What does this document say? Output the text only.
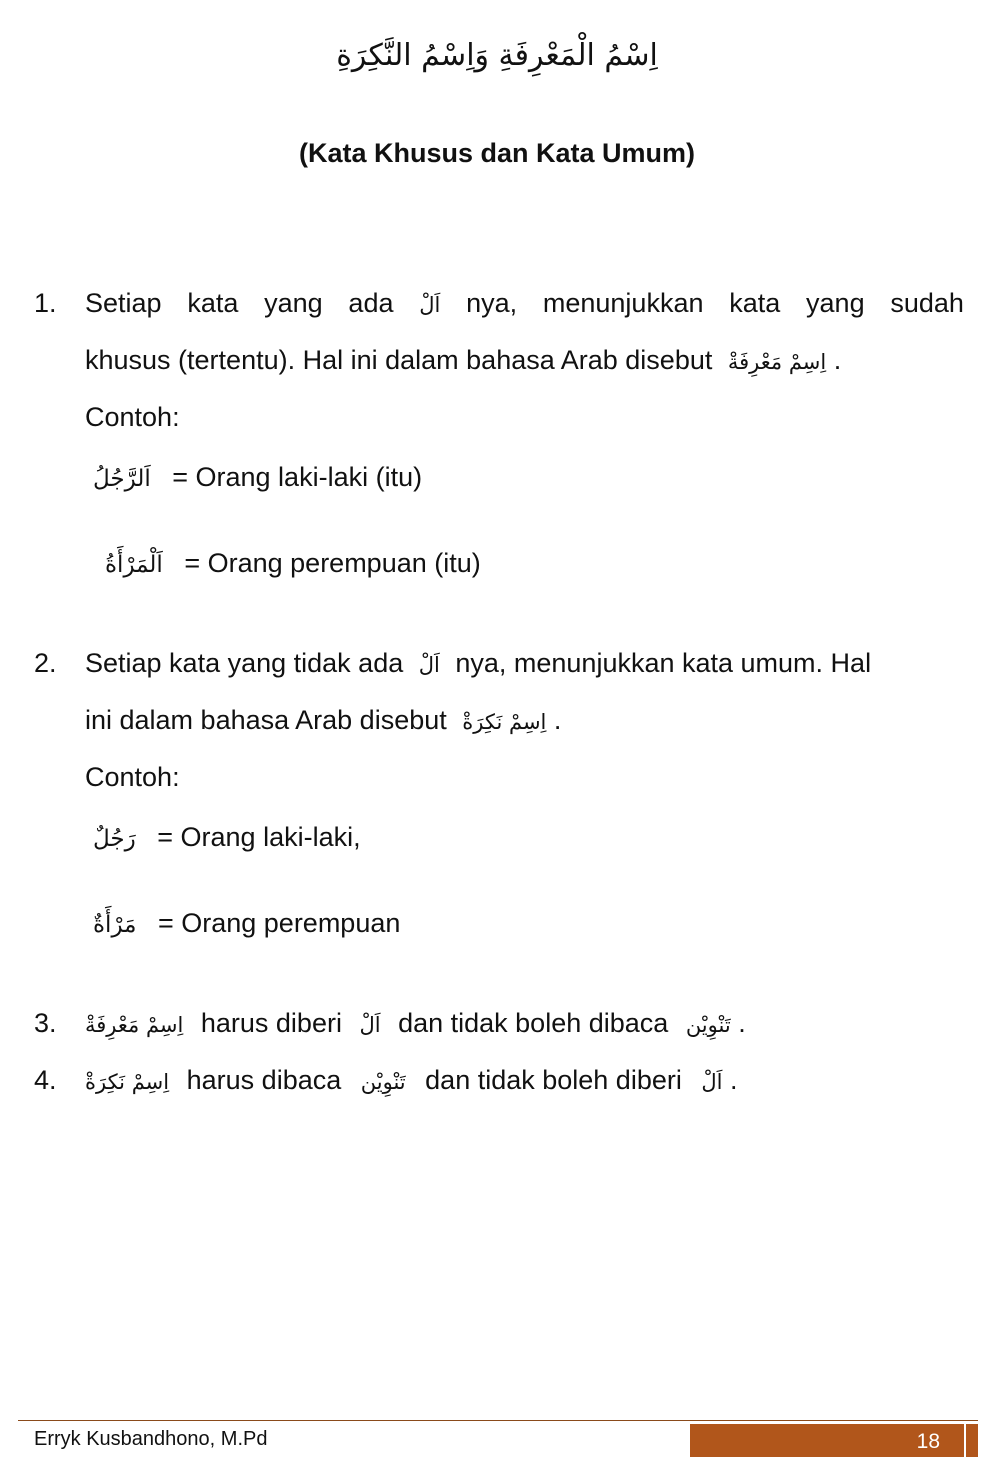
اِسْمُ الْمَعْرِفَةِ وَاِسْمُ النَّكِرَةِ
(Kata Khusus dan Kata Umum)
1.	Setiap kata yang ada اَلْ nya, menunjukkan kata yang sudah
khusus (tertentu). Hal ini dalam bahasa Arab disebut اِسِمْ مَعْرِفَةْ .
Contoh:
اَلرَّجُلُ = Orang laki-laki (itu)
اَلْمَرْأَةُ = Orang perempuan (itu)
2.	Setiap kata yang tidak ada اَلْ nya, menunjukkan kata umum. Hal
ini dalam bahasa Arab disebut اِسِمْ نَكِرَةْ .
Contoh:
رَجُلٌ = Orang laki-laki,
مَرْأَةٌ = Orang perempuan
3.	اِسِمْ مَعْرِفَةْ harus diberi اَلْ dan tidak boleh dibaca تَنْوِيْن .
4.	اِسِمْ نَكِرَةْ harus dibaca تَنْوِيْن dan tidak boleh diberi اَلْ .
Erryk Kusbandhono, M.Pd	18
